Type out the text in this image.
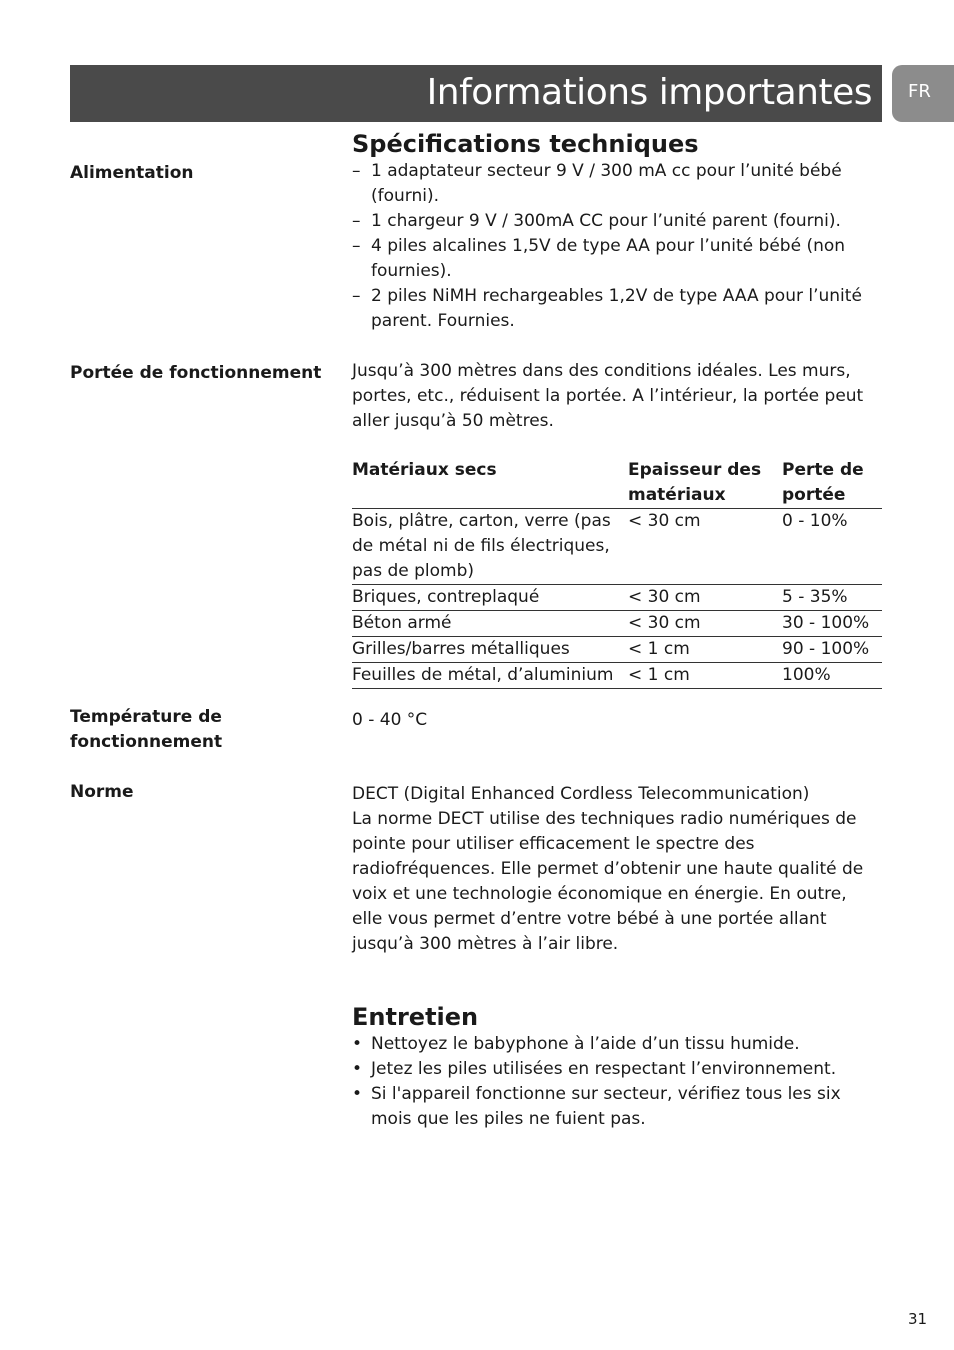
Informations importantes FR
Spécifications techniques
Alimentation	– 1 adaptateur secteur 9 V / 300 mA cc pour l’unité bébé (fourni).
– 1 chargeur 9 V / 300mA CC pour l’unité parent (fourni).
– 4 piles alcalines 1,5V de type AA pour l’unité bébé (non fournies).
– 2 piles NiMH rechargeables 1,2V de type AAA pour l’unité parent. Fournies.
Portée de fonctionnement	Jusqu’à 300 mètres dans des conditions idéales. Les murs, portes, etc., réduisent la portée. A l’intérieur, la portée peut aller jusqu’à 50 mètres.

Matériaux secs	Epaisseur des matériaux	Perte de portée
Bois, plâtre, carton, verre (pas de métal ni de fils électriques, pas de plomb)	< 30 cm	0 - 10%
Briques, contreplaqué	< 30 cm	5 - 35%
Béton armé	< 30 cm	30 - 100%
Grilles/barres métalliques	< 1 cm	90 - 100%
Feuilles de métal, d’aluminium	< 1 cm	100%
Température de fonctionnement
0 - 40 °C
Norme	DECT (Digital Enhanced Cordless Telecommunication)

La norme DECT utilise des techniques radio numériques de pointe pour utiliser efficacement le spectre des radiofréquences. Elle permet d’obtenir une haute qualité de voix et une technologie économique en énergie. En outre, elle vous permet d’entre votre bébé à une portée allant jusqu’à 300 mètres à l’air libre.

Entretien
• Nettoyez le babyphone à l’aide d’un tissu humide.
• Jetez les piles utilisées en respectant l’environnement.
• Si l'appareil fonctionne sur secteur, vérifiez tous les six mois que les piles ne fuient pas.
31
